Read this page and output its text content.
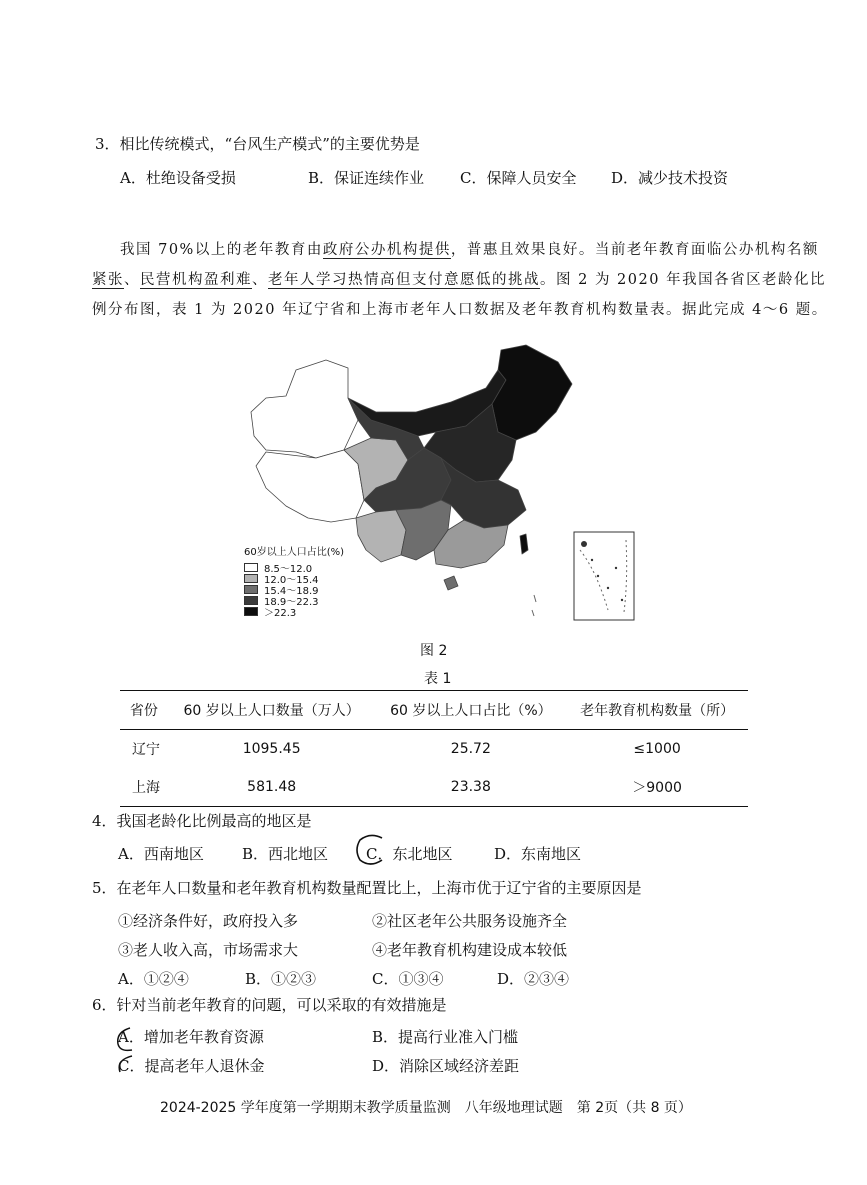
3．相比传统模式，“台风生产模式”的主要优势是
A．杜绝设备受损	B．保证连续作业 C．保障人员安全 D．减少技术投资
我国 70%以上的老年教育由政府公办机构提供，普惠且效果良好。当前老年教育面临公办机构名额
紧张、民营机构盈利难、老年人学习热情高但支付意愿低的挑战。图 2 为 2020 年我国各省区老龄化比
例分布图，表 1 为 2020 年辽宁省和上海市老年人口数据及老年教育机构数量表。据此完成 4～6 题。
60岁以上人口占比(%)
8.5～12.0
12.0～15.4
15.4～18.9
18.9～22.3
＞22.3
图 2
表 1
省份	60 岁以上人口数量（万人）	60 岁以上人口占比（%）	老年教育机构数量（所）
辽宁	1095.45	25.72	≤1000
上海	581.48	23.38	＞9000
4．我国老龄化比例最高的地区是
A．西南地区	B．西北地区	C．东北地区	D．东南地区
5．在老年人口数量和老年教育机构数量配置比上，上海市优于辽宁省的主要原因是
①经济条件好，政府投入多	②社区老年公共服务设施齐全
③老人收入高，市场需求大	④老年教育机构建设成本较低
A．①②④	B．①②③	C．①③④	D．②③④
6．针对当前老年教育的问题，可以采取的有效措施是
A．增加老年教育资源	B．提高行业准入门槛
C．提高老年人退休金	D．消除区域经济差距
2024-2025 学年度第一学期期末教学质量监测　八年级地理试题　第 2页（共 8 页）
